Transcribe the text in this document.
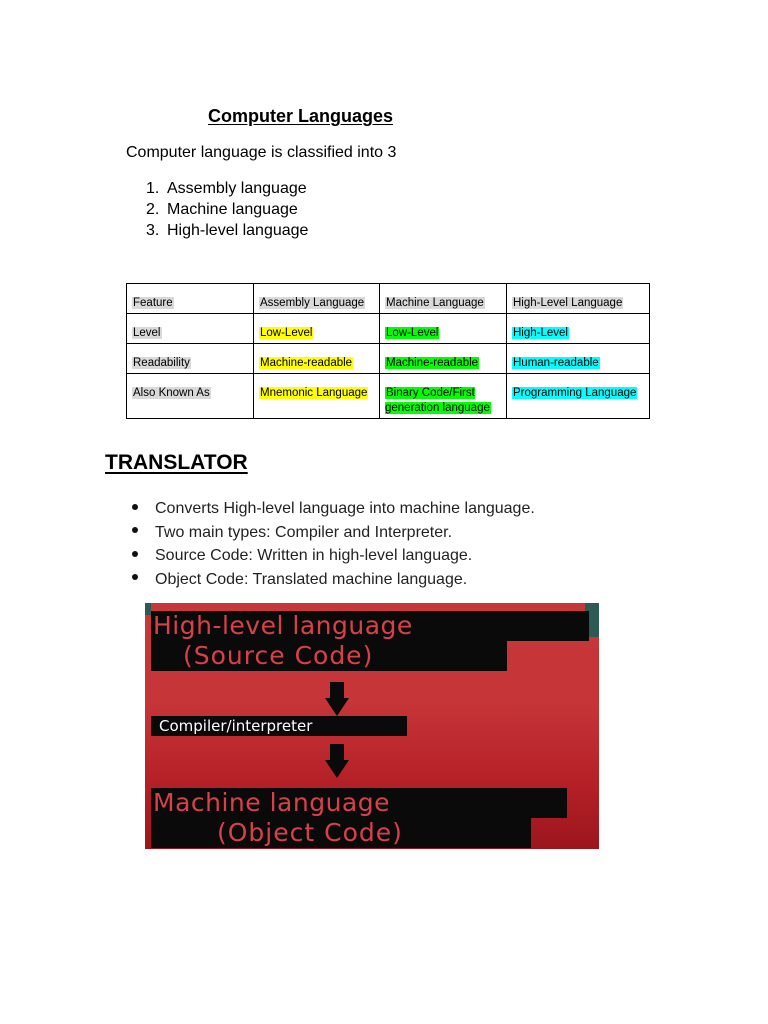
Computer Languages
Computer language is classified into 3
1. Assembly language
2. Machine language
3. High-level language
Feature	Assembly Language	Machine Language	High-Level Language

Level	Low-Level	Low-Level	High-Level

Readability	Machine-readable	Machine-readable	Human-readable

Also Known As	Mnemonic Language	Binary Code/First generation language	Programming Language
TRANSLATOR
Converts High-level language into machine language.
Two main types: Compiler and Interpreter.
Source Code: Written in high-level language.
Object Code: Translated machine language.
High-level language
(Source Code)
Compiler/interpreter
Machine language
(Object Code)
